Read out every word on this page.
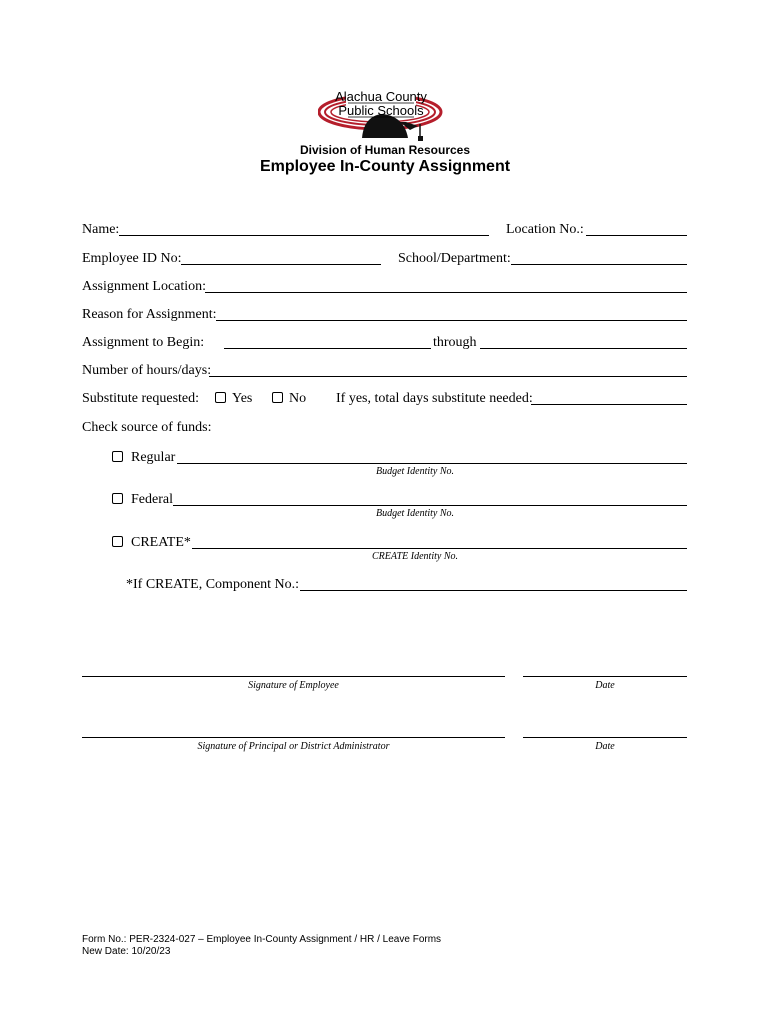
Alachua County
Public Schools
Division of Human Resources
Employee In-County Assignment
Name:	Location No.:
Employee ID No:	School/Department:
Assignment Location:
Reason for Assignment:
Assignment to Begin:	through
Number of hours/days:
Substitute requested: Yes	No If yes, total days substitute needed:
Check source of funds:
Regular
Budget Identity No.
Federal
Budget Identity No.
CREATE*
CREATE Identity No.
*If CREATE, Component No.:
Signature of Employee	Date
Signature of Principal or District Administrator	Date
Form No.: PER-2324-027 – Employee In-County Assignment / HR / Leave Forms
New Date: 10/20/23
